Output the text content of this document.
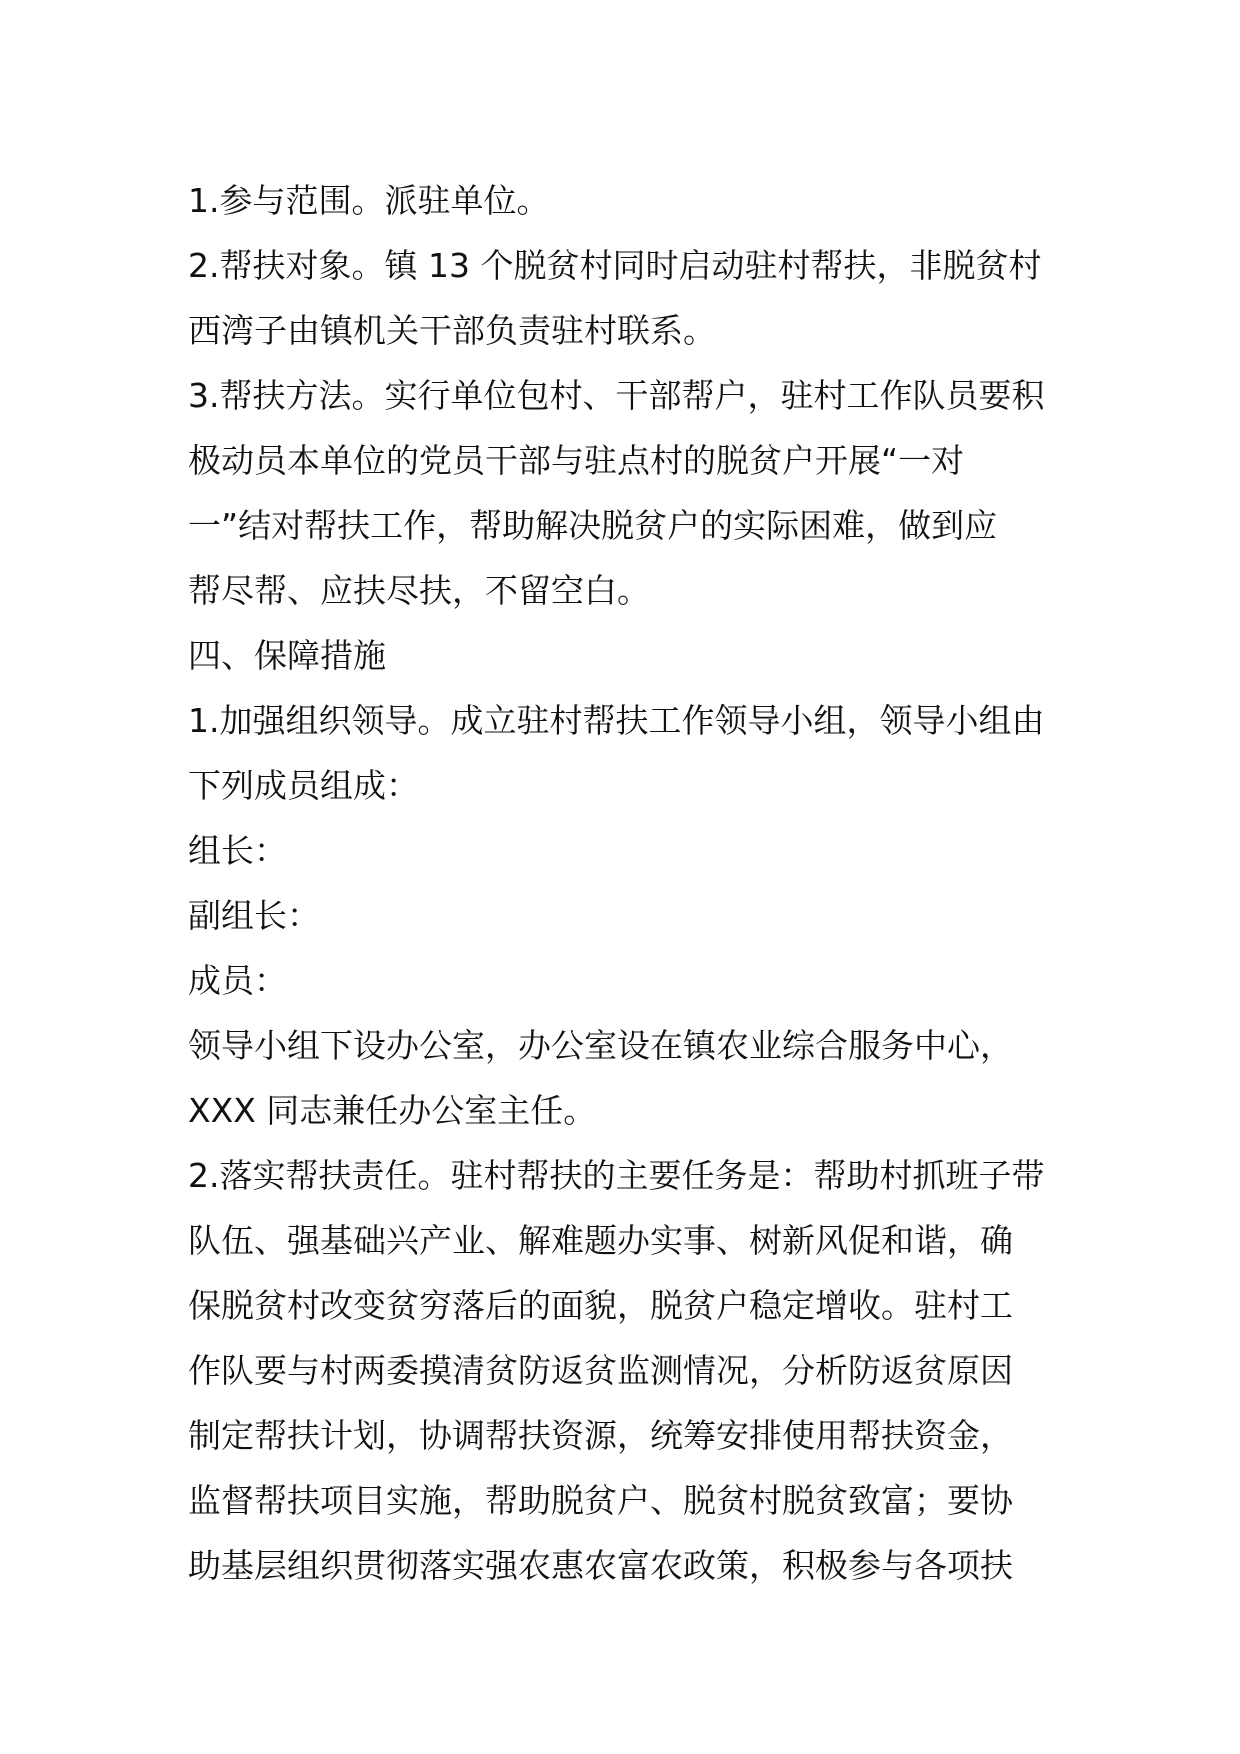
1.参与范围。派驻单位。
2.帮扶对象。镇 13 个脱贫村同时启动驻村帮扶，非脱贫村
西湾子由镇机关干部负责驻村联系。
3.帮扶方法。实行单位包村、干部帮户，驻村工作队员要积
极动员本单位的党员干部与驻点村的脱贫户开展“一对
一”结对帮扶工作，帮助解决脱贫户的实际困难，做到应
帮尽帮、应扶尽扶，不留空白。
四、保障措施
1.加强组织领导。成立驻村帮扶工作领导小组，领导小组由
下列成员组成：
组长：
副组长：
成员：
领导小组下设办公室，办公室设在镇农业综合服务中心，
XXX 同志兼任办公室主任。
2.落实帮扶责任。驻村帮扶的主要任务是：帮助村抓班子带
队伍、强基础兴产业、解难题办实事、树新风促和谐，确
保脱贫村改变贫穷落后的面貌，脱贫户稳定增收。驻村工
作队要与村两委摸清贫防返贫监测情况，分析防返贫原因
制定帮扶计划，协调帮扶资源，统筹安排使用帮扶资金，
监督帮扶项目实施，帮助脱贫户、脱贫村脱贫致富；要协
助基层组织贯彻落实强农惠农富农政策，积极参与各项扶
